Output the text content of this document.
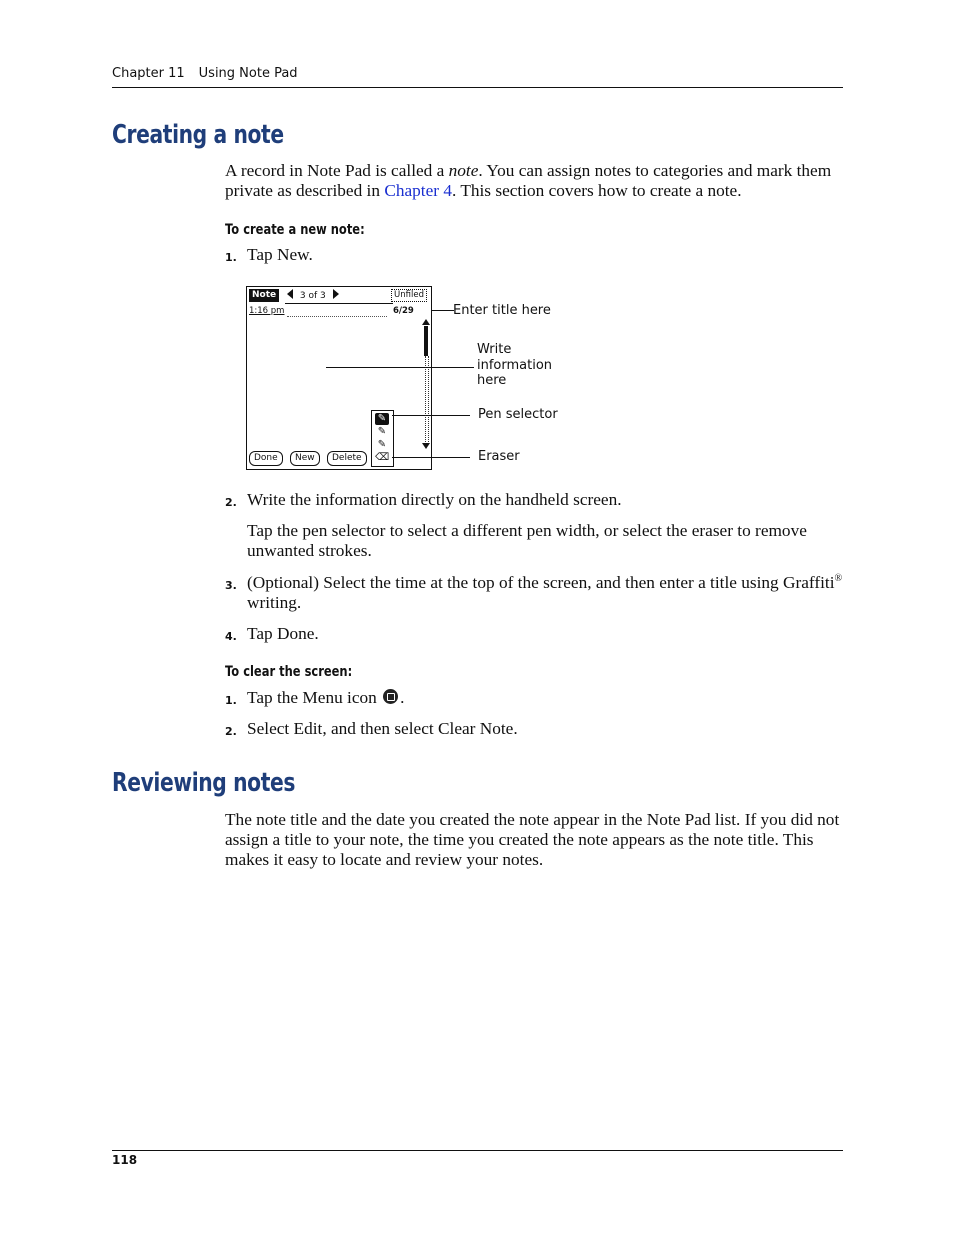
Chapter 11 Using Note Pad
Creating a note

A record in Note Pad is called a note. You can assign notes to categories and mark them private as described in Chapter 4. This section covers how to create a note.

To create a new note:
1. Tap New.
Note	3 of 3	Unfiled
1:16 pm	6/29
✎
✎
✎
⌫
Done	New	Delete
Enter title here
Write
information
here
Pen selector
Eraser
2. Write the information directly on the handheld screen.
Tap the pen selector to select a different pen width, or select the eraser to remove unwanted strokes.
3. (Optional) Select the time at the top of the screen, and then enter a title using Graffiti® writing.
4. Tap Done.
To clear the screen:
1. Tap the Menu icon .
2. Select Edit, and then select Clear Note.
Reviewing notes

The note title and the date you created the note appear in the Note Pad list. If you did not assign a title to your note, the time you created the note appears as the note title. This makes it easy to locate and review your notes.

118
